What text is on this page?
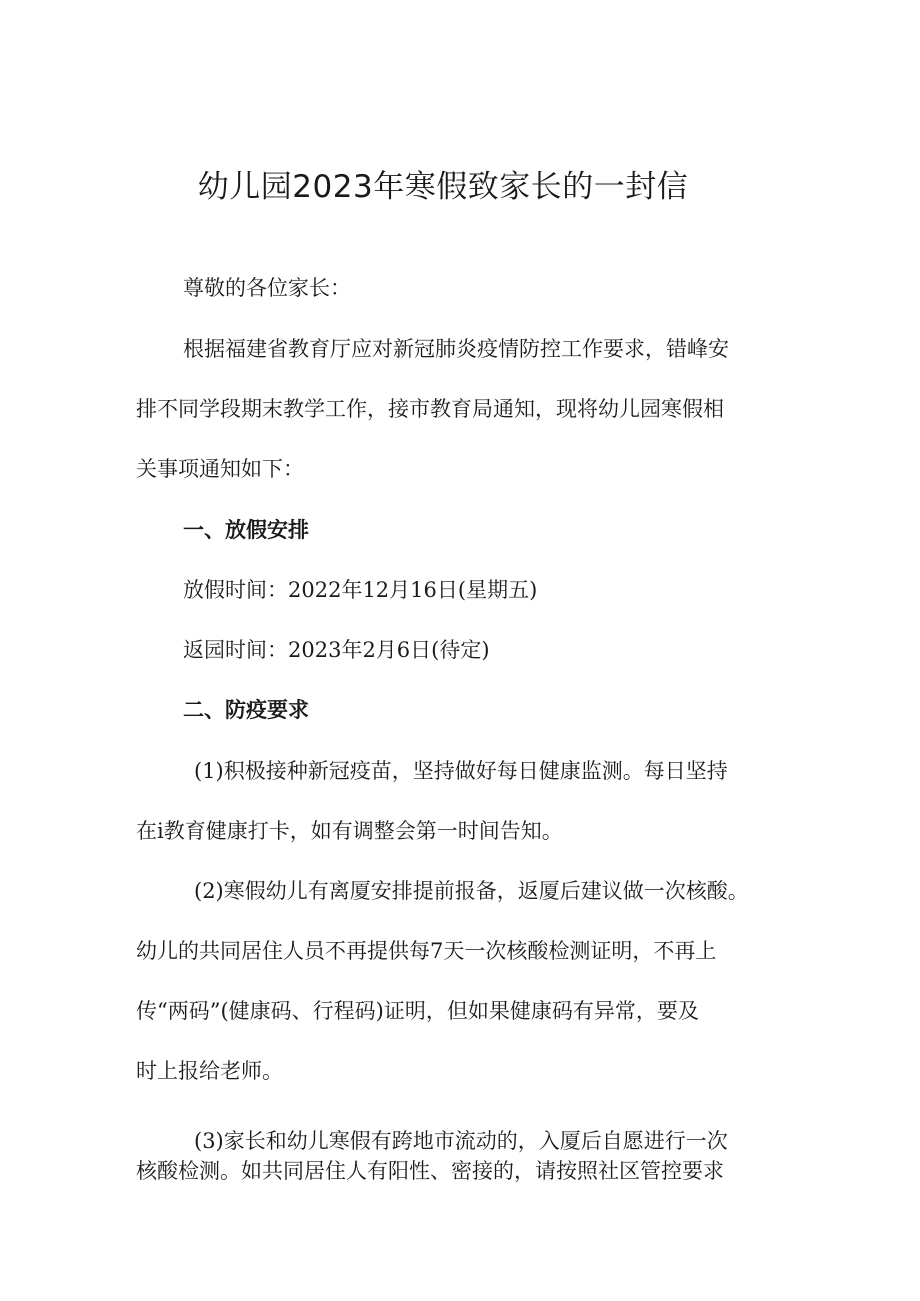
幼儿园2023年寒假致家长的一封信

尊敬的各位家长：

根据福建省教育厅应对新冠肺炎疫情防控工作要求，错峰安

排不同学段期末教学工作，接市教育局通知，现将幼儿园寒假相

关事项通知如下：

一、放假安排

放假时间：2022年12月16日(星期五)

返园时间：2023年2月6日(待定)

二、防疫要求

(1)积极接种新冠疫苗，坚持做好每日健康监测。每日坚持

在i教育健康打卡，如有调整会第一时间告知。

(2)寒假幼儿有离厦安排提前报备，返厦后建议做一次核酸。

幼儿的共同居住人员不再提供每7天一次核酸检测证明，不再上

传“两码”(健康码、行程码)证明，但如果健康码有异常，要及

时上报给老师。

(3)家长和幼儿寒假有跨地市流动的，入厦后自愿进行一次

核酸检测。如共同居住人有阳性、密接的，请按照社区管控要求
